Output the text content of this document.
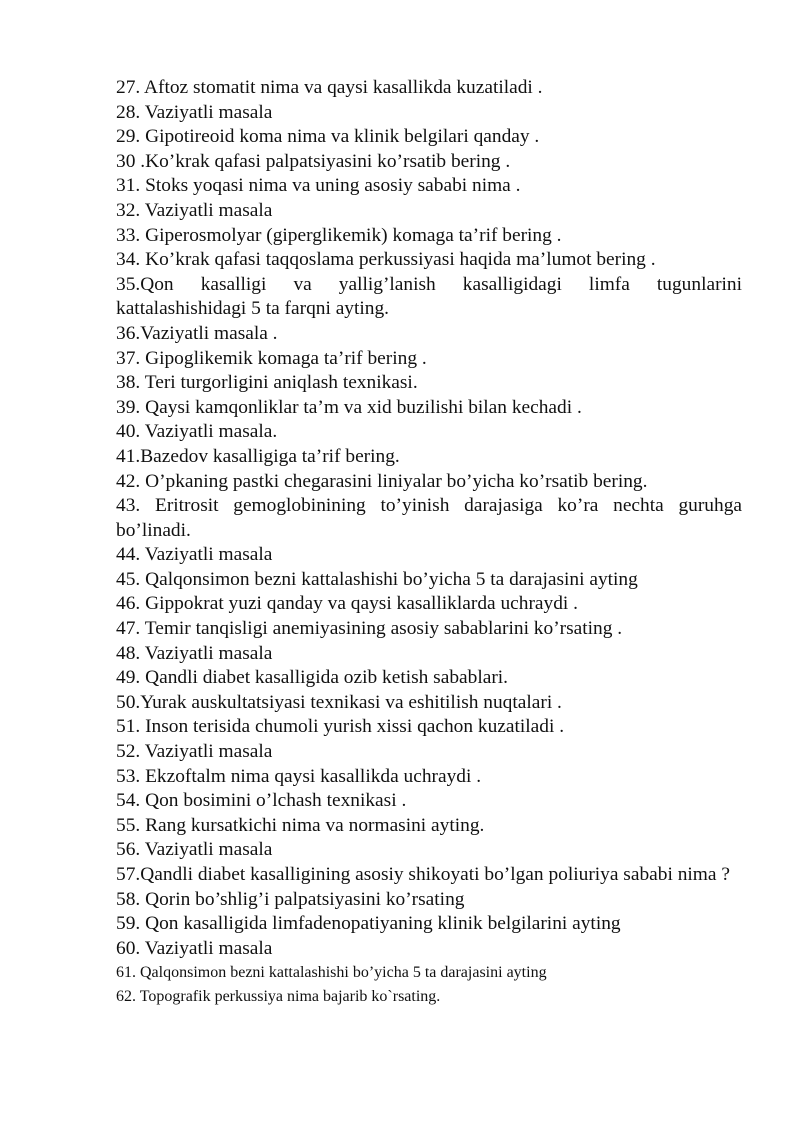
27. Aftoz stomatit nima va qaysi kasallikda kuzatiladi .
28. Vaziyatli masala
29. Gipotireoid koma nima va klinik belgilari qanday .
30 .Ko’krak qafasi palpatsiyasini ko’rsatib bering .
31. Stoks yoqasi nima va uning asosiy sababi nima .
32. Vaziyatli masala
33. Giperosmolyar (giperglikemik) komaga ta’rif bering .
34. Ko’krak qafasi taqqoslama perkussiyasi haqida ma’lumot bering .
35.Qon kasalligi va yallig’lanish kasalligidagi limfa tugunlarini kattalashishidagi 5 ta farqni ayting.
36.Vaziyatli masala .
37. Gipoglikemik komaga ta’rif bering .
38. Teri turgorligini aniqlash texnikasi.
39. Qaysi kamqonliklar ta’m va xid buzilishi bilan kechadi .
40. Vaziyatli masala.
41.Bazedov kasalligiga ta’rif bering.
42. O’pkaning pastki chegarasini liniyalar bo’yicha ko’rsatib bering.
43. Eritrosit gemoglobinining to’yinish darajasiga ko’ra nechta guruhga bo’linadi.
44. Vaziyatli masala
45. Qalqonsimon bezni kattalashishi bo’yicha 5 ta darajasini ayting
46. Gippokrat yuzi qanday va qaysi kasalliklarda uchraydi .
47. Temir tanqisligi anemiyasining asosiy sabablarini ko’rsating .
48. Vaziyatli masala
49. Qandli diabet kasalligida ozib ketish sabablari.
50.Yurak auskultatsiyasi texnikasi va eshitilish nuqtalari .
51. Inson terisida chumoli yurish xissi qachon kuzatiladi .
52. Vaziyatli masala
53. Ekzoftalm nima qaysi kasallikda uchraydi .
54. Qon bosimini o’lchash texnikasi .
55. Rang kursatkichi nima va normasini ayting.
56. Vaziyatli masala
57.Qandli diabet kasalligining asosiy shikoyati bo’lgan poliuriya sababi nima ?
58. Qorin bo’shlig’i palpatsiyasini ko’rsating
59. Qon kasalligida limfadenopatiyaning klinik belgilarini ayting
60. Vaziyatli masala
61. Qalqonsimon bezni kattalashishi bo’yicha 5 ta darajasini ayting
62. Topografik perkussiya nima bajarib ko`rsating.
